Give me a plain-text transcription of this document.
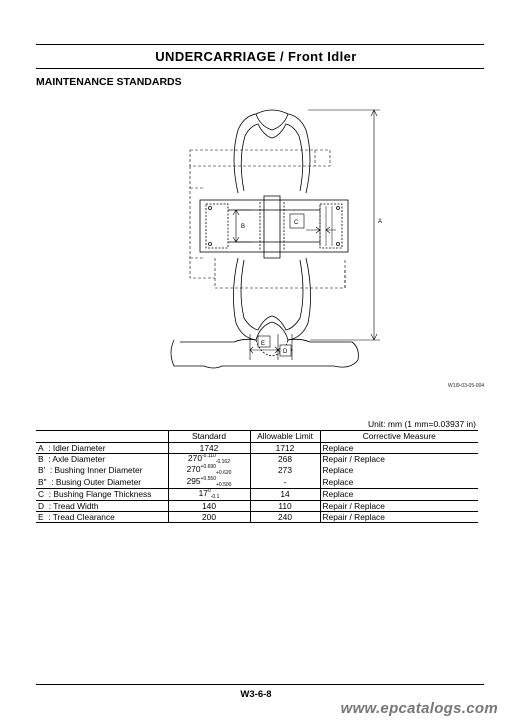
UNDERCARRIAGE / Front Idler
MAINTENANCE STANDARDS
A
B
C
E
D
W1I9-03-05-004
Unit: mm (1 mm=0.03937 in)
	Standard	Allowable Limit	Corrective Measure
A  : Idler Diameter	1742	1712	Replace
B  : Axle Diameter	$270^{-0.110}_{-0.162}$	268	Repair / Replace
B'  : Bushing Inner Diameter	$270^{+0.690}_{+0.620}$	273	Replace
B"  : Busing Outer Diameter	$295^{+0.550}_{+0.500}$	-	Replace
C  : Bushing Flange Thickness	$17^0_{-0.1}$	14	Replace
D  : Tread Width	140	110	Repair / Replace
E  : Tread Clearance	200	240	Repair / Replace
W3-6-8
www.epcatalogs.com
